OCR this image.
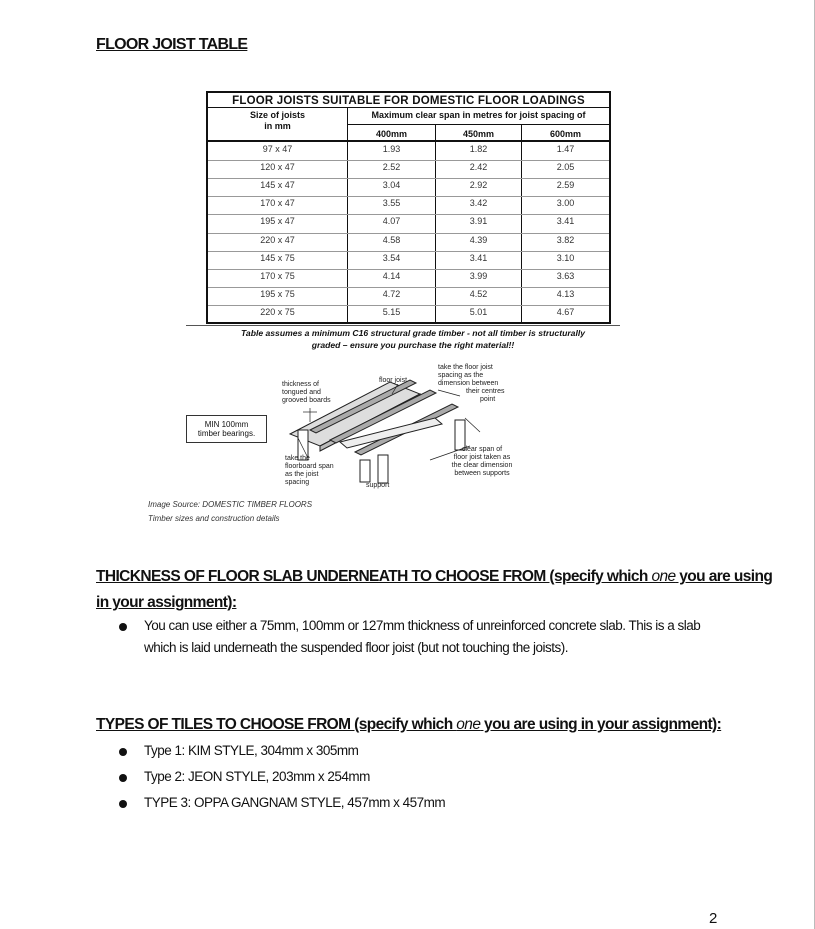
FLOOR JOIST TABLE
FLOOR JOISTS SUITABLE FOR DOMESTIC FLOOR LOADINGS
Size of joists
in mm
Maximum clear span in metres for joist spacing of
400mm	450mm	600mm
97 x 47	1.93	1.82	1.47
120 x 47	2.52	2.42	2.05
145 x 47	3.04	2.92	2.59
170 x 47	3.55	3.42	3.00
195 x 47	4.07	3.91	3.41
220 x 47	4.58	4.39	3.82
145 x 75	3.54	3.41	3.10
170 x 75	4.14	3.99	3.63
195 x 75	4.72	4.52	4.13
220 x 75	5.15	5.01	4.67
Table assumes a minimum C16 structural grade timber - not all timber is structurally
graded – ensure you purchase the right material!!
thickness of
tongued and
grooved boards
floor joist
take the floor joist
spacing as the
dimension between
their centres
point
MIN 100mm
timber bearings.
take the
floorboard span
as the joist
spacing	support
clear span of
floor joist taken as
the clear dimension
between supports
Image Source: DOMESTIC TIMBER FLOORS
Timber sizes and construction details
THICKNESS OF FLOOR SLAB UNDERNEATH TO CHOOSE FROM (specify which one you are using
in your assignment):
You can use either a 75mm, 100mm or 127mm thickness of unreinforced concrete slab. This is a slab
which is laid underneath the suspended floor joist (but not touching the joists).
TYPES OF TILES TO CHOOSE FROM (specify which one you are using in your assignment):
Type 1: KIM STYLE, 304mm x 305mm
Type 2: JEON STYLE, 203mm x 254mm
TYPE 3: OPPA GANGNAM STYLE, 457mm x 457mm
2
